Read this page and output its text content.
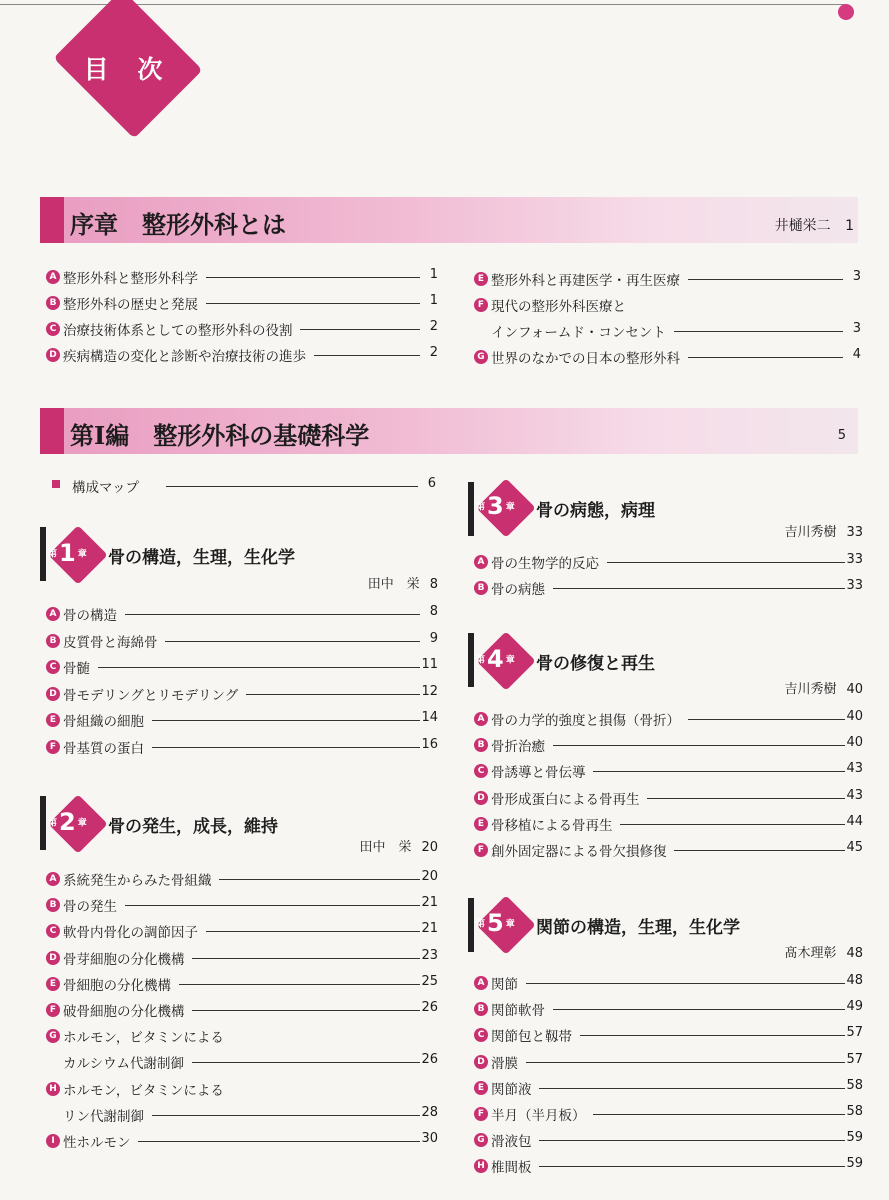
目 次
序章　整形外科とは	井樋栄二 1
A 整形外科と整形外科学	1
B 整形外科の歴史と発展	1
C 治療技術体系としての整形外科の役割	2
D 疾病構造の変化と診断や治療技術の進歩	2
E 整形外科と再建医学・再生医療	3
F 現代の整形外科医療と
インフォームド・コンセント	3
G 世界のなかでの日本の整形外科	4
第Ⅰ編　整形外科の基礎科学	5
構成マップ	6
第1 章 骨の構造，生理，生化学
田中　栄 8
A 骨の構造	8
B 皮質骨と海綿骨	9
C 骨髄	11
D 骨モデリングとリモデリング	12
E 骨組織の細胞	14
F 骨基質の蛋白	16
第2 章 骨の発生，成長，維持
田中　栄 20
A 系統発生からみた骨組織	20
B 骨の発生	21
C 軟骨内骨化の調節因子	21
D 骨芽細胞の分化機構	23
E 骨細胞の分化機構	25
F 破骨細胞の分化機構	26
G ホルモン，ビタミンによる
カルシウム代謝制御	26
H ホルモン，ビタミンによる
リン代謝制御	28
I 性ホルモン	30
第3 章 骨の病態，病理
吉川秀樹 33
A 骨の生物学的反応	33
B 骨の病態	33
第4 章 骨の修復と再生
吉川秀樹 40
A 骨の力学的強度と損傷（骨折）	40
B 骨折治癒	40
C 骨誘導と骨伝導	43
D 骨形成蛋白による骨再生	43
E 骨移植による骨再生	44
F 創外固定器による骨欠損修復	45
第5 章 関節の構造，生理，生化学
髙木理彰 48
A 関節	48
B 関節軟骨	49
C 関節包と靱帯	57
D 滑膜	57
E 関節液	58
F 半月（半月板）	58
G 滑液包	59
H 椎間板	59
